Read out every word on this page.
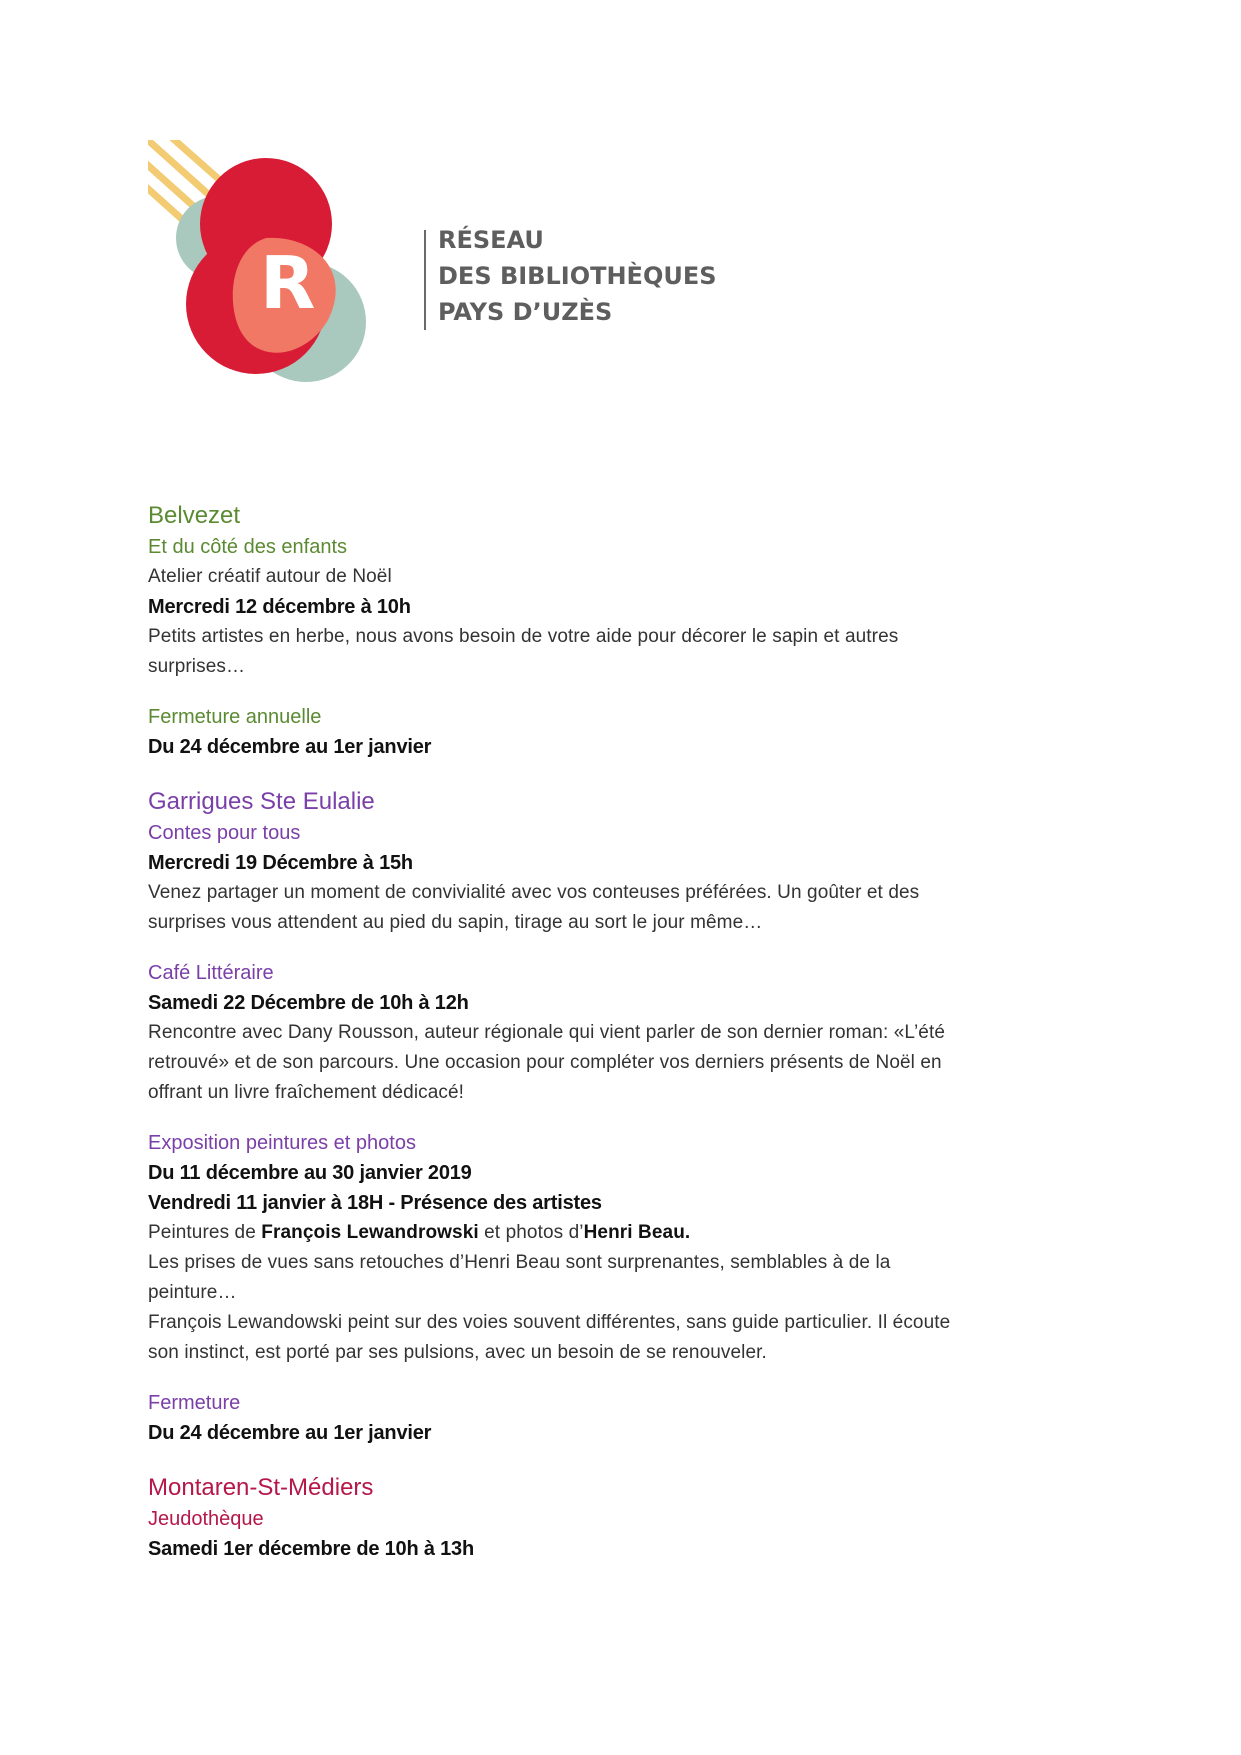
R
RÉSEAU
DES BIBLIOTHÈQUES
PAYS D’UZÈS
Belvezet

Et du côté des enfants

Atelier créatif autour de Noël

Mercredi 12 décembre à 10h

Petits artistes en herbe, nous avons besoin de votre aide pour décorer le sapin et autres

surprises…

Fermeture annuelle

Du 24 décembre au 1er janvier

Garrigues Ste Eulalie

Contes pour tous

Mercredi 19 Décembre à 15h

Venez partager un moment de convivialité avec vos conteuses préférées. Un goûter et des

surprises vous attendent au pied du sapin, tirage au sort le jour même…

Café Littéraire

Samedi 22 Décembre de 10h à 12h

Rencontre avec Dany Rousson, auteur régionale qui vient parler de son dernier roman: «L’été

retrouvé» et de son parcours. Une occasion pour compléter vos derniers présents de Noël en

offrant un livre fraîchement dédicacé!

Exposition peintures et photos

Du 11 décembre au 30 janvier 2019

Vendredi 11 janvier à 18H - Présence des artistes

Peintures de François Lewandrowski et photos d’Henri Beau.

Les prises de vues sans retouches d’Henri Beau sont surprenantes, semblables à de la

peinture…

François Lewandowski peint sur des voies souvent différentes, sans guide particulier. Il écoute

son instinct, est porté par ses pulsions, avec un besoin de se renouveler.

Fermeture

Du 24 décembre au 1er janvier

Montaren-St-Médiers

Jeudothèque

Samedi 1er décembre de 10h à 13h
